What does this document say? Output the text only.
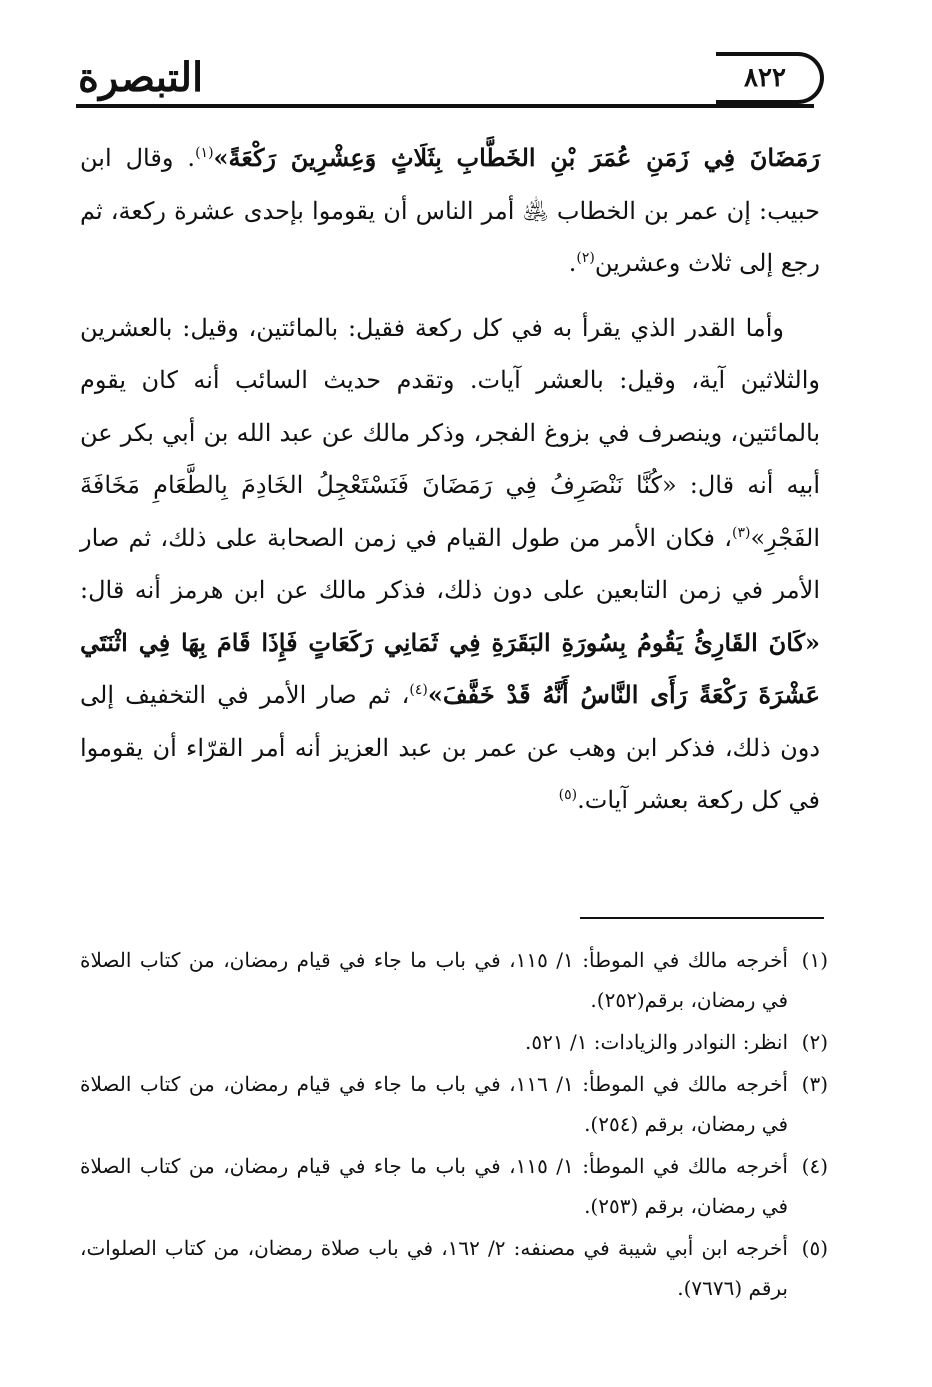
التبصرة	٨٢٢

رَمَضَانَ فِي زَمَنِ عُمَرَ بْنِ الخَطَّابِ بِثَلَاثٍ وَعِشْرِينَ رَكْعَةً»$^{(١)}$. وقال ابن حبيب: إن عمر بن الخطاب ﵁ أمر الناس أن يقوموا بإحدى عشرة ركعة، ثم رجع إلى ثلاث وعشرين$^{(٢)}$.

وأما القدر الذي يقرأ به في كل ركعة فقيل: بالمائتين، وقيل: بالعشرين والثلاثين آية، وقيل: بالعشر آيات. وتقدم حديث السائب أنه كان يقوم بالمائتين، وينصرف في بزوغ الفجر، وذكر مالك عن عبد الله بن أبي بكر عن أبيه أنه قال: «كُنَّا نَنْصَرِفُ فِي رَمَضَانَ فَنَسْتَعْجِلُ الخَادِمَ بِالطَّعَامِ مَخَافَةَ الفَجْرِ»$^{(٣)}$، فكان الأمر من طول القيام في زمن الصحابة على ذلك، ثم صار الأمر في زمن التابعين على دون ذلك، فذكر مالك عن ابن هرمز أنه قال: «كَانَ القَارِئُ يَقُومُ بِسُورَةِ البَقَرَةِ فِي ثَمَانِي رَكَعَاتٍ فَإِذَا قَامَ بِهَا فِي اثْنَتَي عَشْرَةَ رَكْعَةً رَأَى النَّاسُ أَنَّهُ قَدْ خَفَّفَ»$^{(٤)}$، ثم صار الأمر في التخفيف إلى دون ذلك، فذكر ابن وهب عن عمر بن عبد العزيز أنه أمر القرّاء أن يقوموا في كل ركعة بعشر آيات.$^{(٥)}$

(١)
أخرجه مالك في الموطأ: ١/ ١١٥، في باب ما جاء في قيام رمضان، من كتاب الصلاة في رمضان، برقم(٢٥٢).
(٢)
انظر: النوادر والزيادات: ١/ ٥٢١.
(٣)
أخرجه مالك في الموطأ: ١/ ١١٦، في باب ما جاء في قيام رمضان، من كتاب الصلاة في رمضان، برقم (٢٥٤).
(٤)
أخرجه مالك في الموطأ: ١/ ١١٥، في باب ما جاء في قيام رمضان، من كتاب الصلاة في رمضان، برقم (٢٥٣).
(٥)
أخرجه ابن أبي شيبة في مصنفه: ٢/ ١٦٢، في باب صلاة رمضان، من كتاب الصلوات، برقم (٧٦٧٦).
